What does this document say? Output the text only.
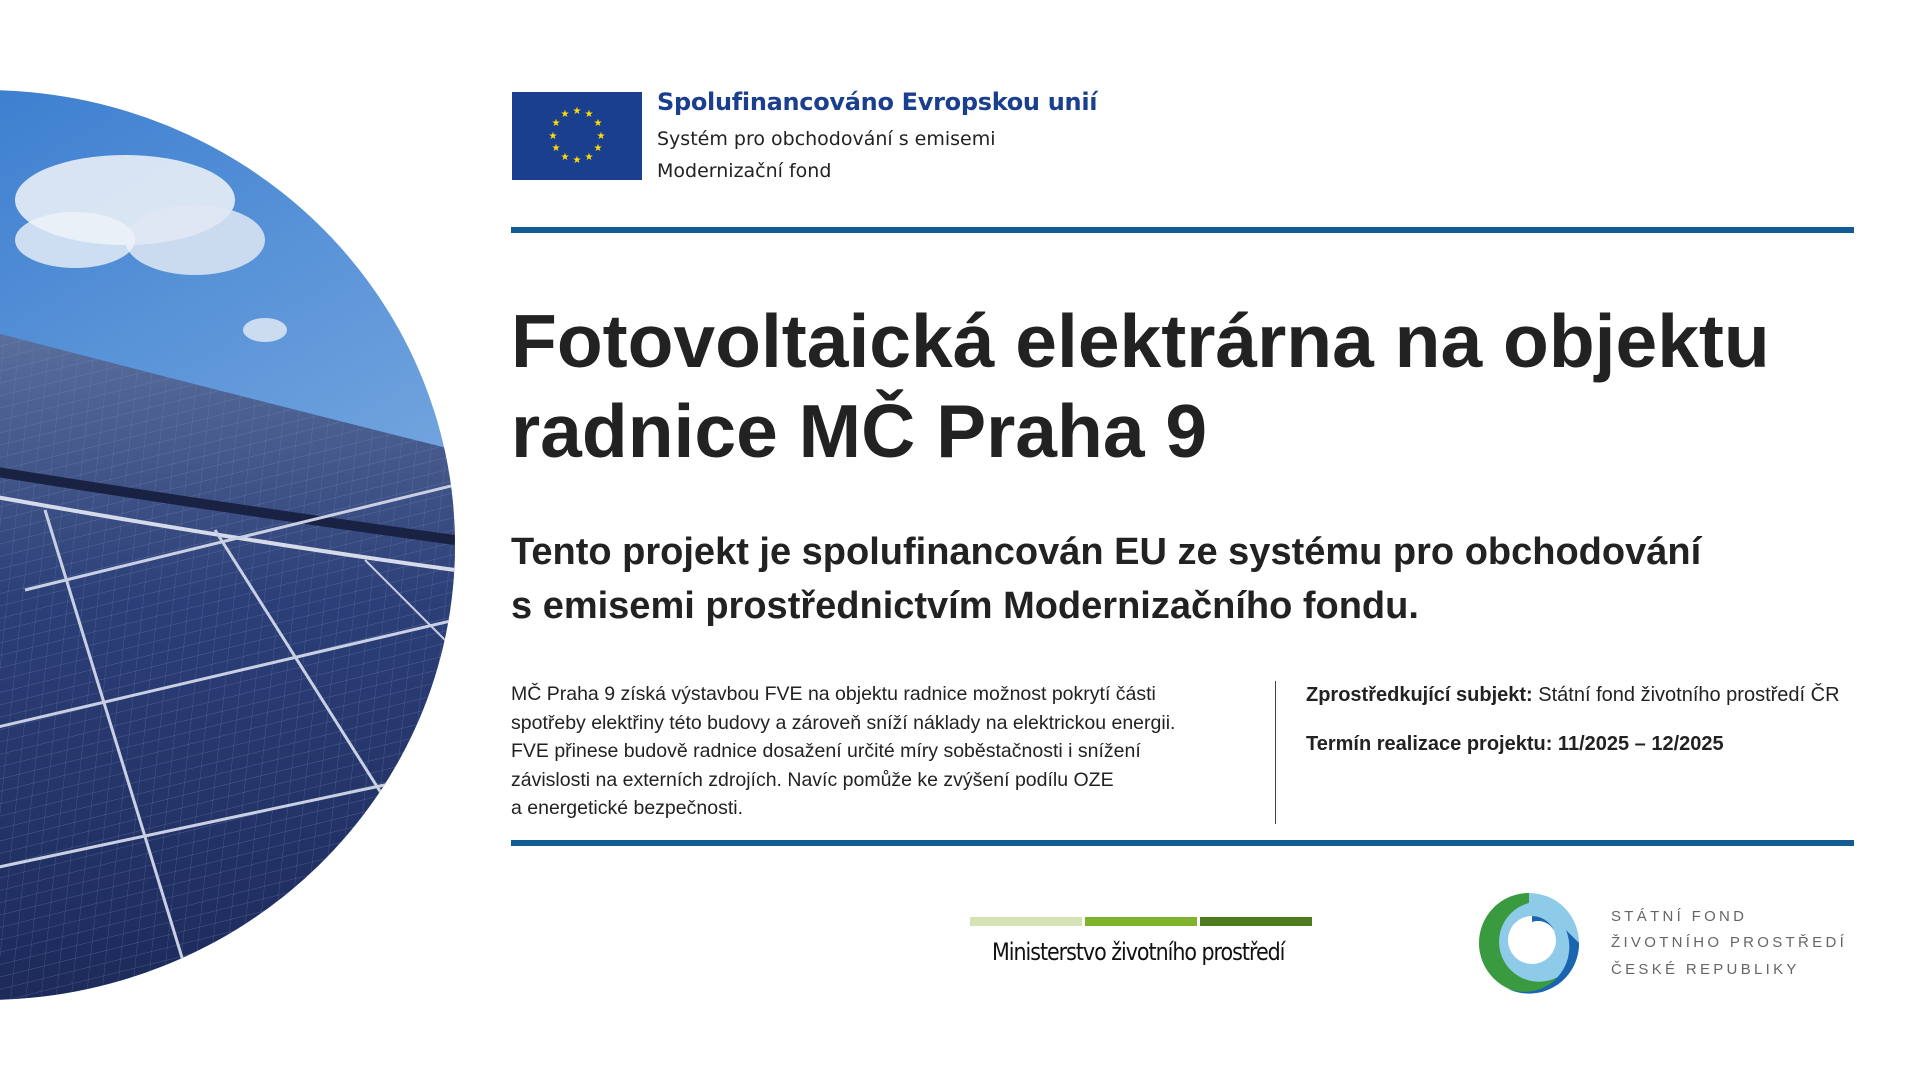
★ ★
★
★
★
★
★
★
★
★
★
★	Spolufinancováno Evropskou unií
Systém pro obchodování s emisemi
Modernizační fond
Fotovoltaická elektrárna na objektu
radnice MČ Praha 9

Tento projekt je spolufinancován EU ze systému pro obchodování
s emisemi prostřednictvím Modernizačního fondu.

MČ Praha 9 získá výstavbou FVE na objektu radnice možnost pokrytí části
spotřeby elektřiny této budovy a zároveň sníží náklady na elektrickou energii.
FVE přinese budově radnice dosažení určité míry soběstačnosti i snížení
závislosti na externích zdrojích. Navíc pomůže ke zvýšení podílu OZE
a energetické bezpečnosti.

Zprostředkující subjekt: Státní fond životního prostředí ČR
Termín realizace projektu: 11/2025 – 12/2025
Ministerstvo životního prostředí
STÁTNÍ FOND
ŽIVOTNÍHO PROSTŘEDÍ
ČESKÉ REPUBLIKY
